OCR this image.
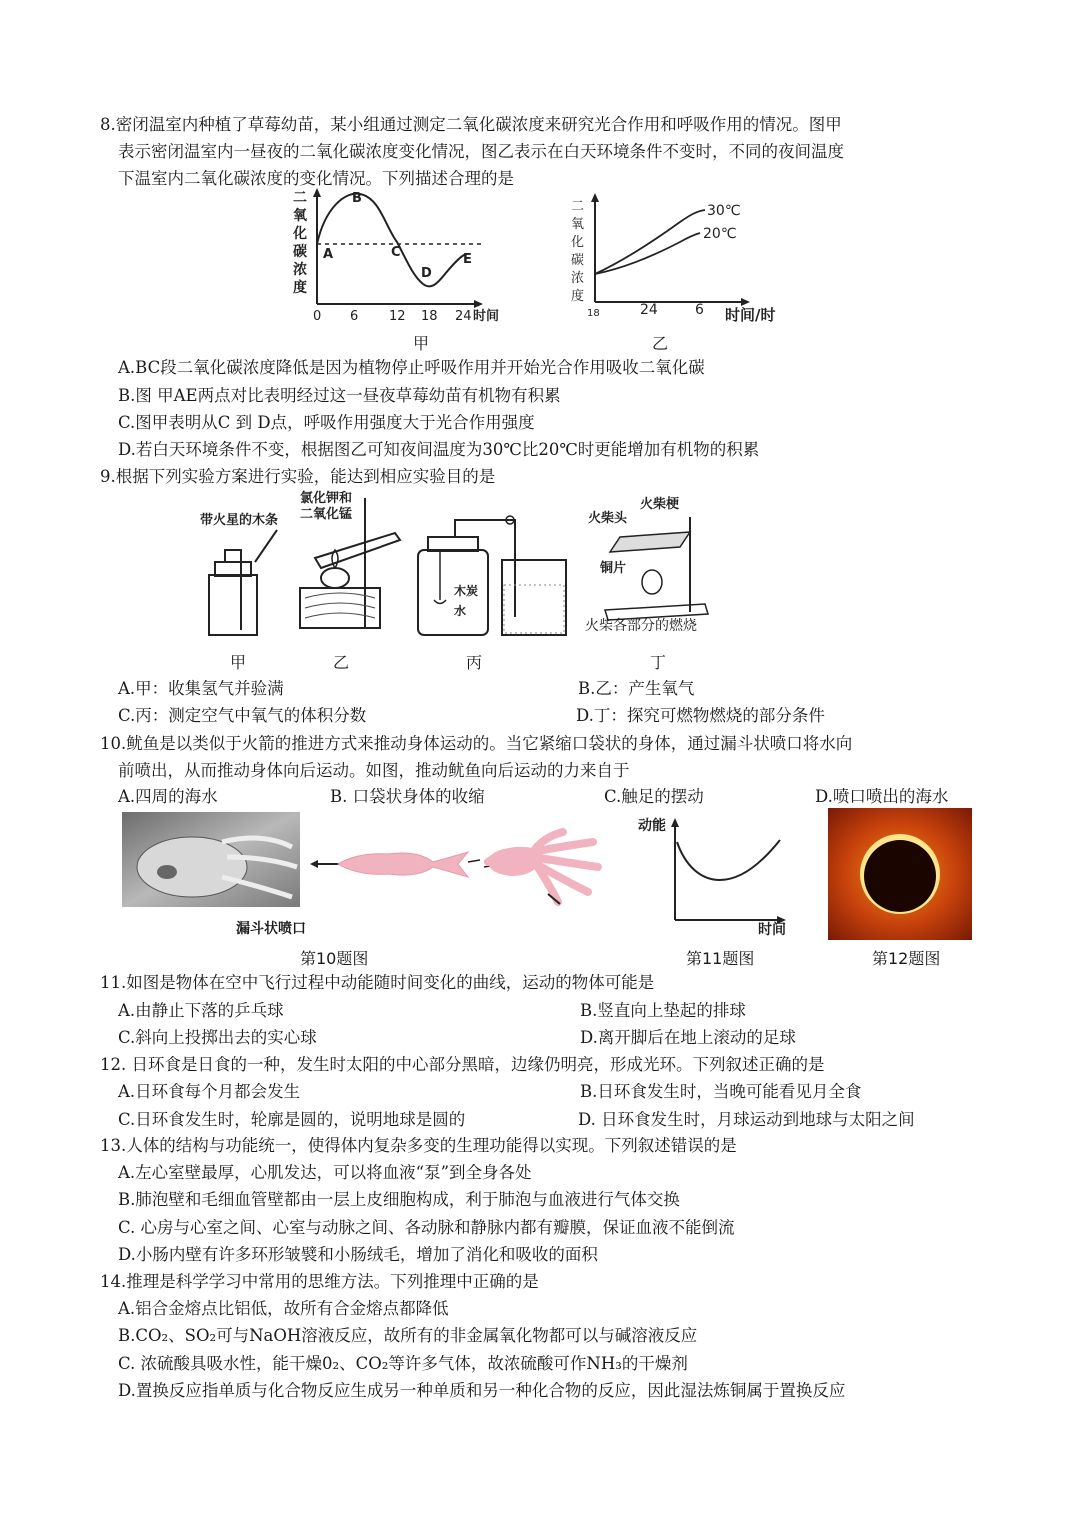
8.密闭温室内种植了草莓幼苗，某小组通过测定二氧化碳浓度来研究光合作用和呼吸作用的情况。图甲
表示密闭温室内一昼夜的二氧化碳浓度变化情况，图乙表示在白天环境条件不变时，不同的夜间温度
下温室内二氧化碳浓度的变化情况。下列描述合理的是
二
氧
化
碳
浓
度
A
B
C
D
E
0 6 12 18 24 时间
甲
二
氧
化
碳
浓
度
30℃
20℃
18	24	6 时间/时
乙
A.BC段二氧化碳浓度降低是因为植物停止呼吸作用并开始光合作用吸收二氧化碳
B.图 甲AE两点对比表明经过这一昼夜草莓幼苗有机物有积累
C.图甲表明从C 到 D点，呼吸作用强度大于光合作用强度
D.若白天环境条件不变，根据图乙可知夜间温度为30℃比20℃时更能增加有机物的积累
9.根据下列实验方案进行实验，能达到相应实验目的是
带火星的木条
氯化钾和
二氧化锰
木炭
水
火柴头
火柴梗
铜片
火柴各部分的燃烧
甲	乙	丙	丁
A.甲：收集氢气并验满	B.乙：产生氧气
C.丙：测定空气中氧气的体积分数	D.丁：探究可燃物燃烧的部分条件
10.鱿鱼是以类似于火箭的推进方式来推动身体运动的。当它紧缩口袋状的身体，通过漏斗状喷口将水向
前喷出，从而推动身体向后运动。如图，推动鱿鱼向后运动的力来自于
A.四周的海水	B. 口袋状身体的收缩	C.触足的摆动	D.喷口喷出的海水
漏斗状喷口
第10题图
动能
时间
第11题图	第12题图
11.如图是物体在空中飞行过程中动能随时间变化的曲线，运动的物体可能是
A.由静止下落的乒乓球	B.竖直向上垫起的排球
C.斜向上投掷出去的实心球	D.离开脚后在地上滚动的足球
12. 日环食是日食的一种，发生时太阳的中心部分黑暗，边缘仍明亮，形成光环。下列叙述正确的是
A.日环食每个月都会发生	B.日环食发生时，当晚可能看见月全食
C.日环食发生时，轮廓是圆的，说明地球是圆的	D. 日环食发生时，月球运动到地球与太阳之间
13.人体的结构与功能统一，使得体内复杂多变的生理功能得以实现。下列叙述错误的是
A.左心室壁最厚，心肌发达，可以将血液“泵”到全身各处
B.肺泡壁和毛细血管壁都由一层上皮细胞构成，利于肺泡与血液进行气体交换
C. 心房与心室之间、心室与动脉之间、各动脉和静脉内都有瓣膜，保证血液不能倒流
D.小肠内壁有许多环形皱襞和小肠绒毛，增加了消化和吸收的面积
14.推理是科学学习中常用的思维方法。下列推理中正确的是
A.铝合金熔点比铝低，故所有合金熔点都降低
B.CO₂、SO₂可与NaOH溶液反应，故所有的非金属氧化物都可以与碱溶液反应
C. 浓硫酸具吸水性，能干燥0₂、CO₂等许多气体，故浓硫酸可作NH₃的干燥剂
D.置换反应指单质与化合物反应生成另一种单质和另一种化合物的反应，因此湿法炼铜属于置换反应
